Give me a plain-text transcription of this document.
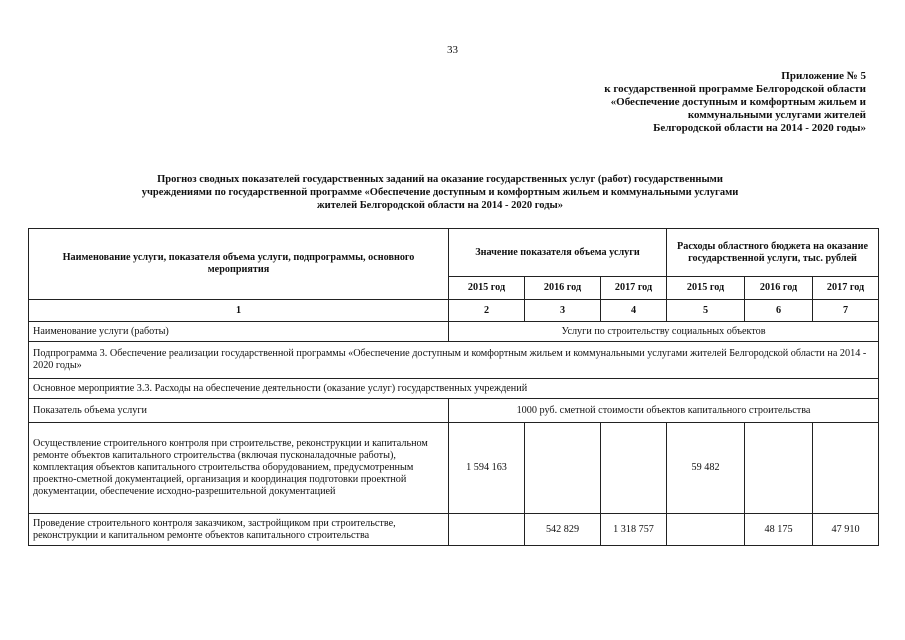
33
Приложение № 5
к государственной программе Белгородской области
«Обеспечение доступным и комфортным жильем и
коммунальными услугами жителей
Белгородской области на 2014 - 2020 годы»
Прогноз сводных показателей государственных заданий на оказание государственных услуг (работ) государственными
учреждениями по государственной программе «Обеспечение доступным и комфортным жильем и коммунальными услугами
жителей Белгородской области на 2014 - 2020 годы»
Наименование услуги, показателя объема услуги, подпрограммы, основного мероприятия	Значение показателя объема услуги			Расходы областного бюджета на оказание государственной услуги, тыс. рублей		
	2015 год	2016 год	2017 год	2015 год	2016 год	2017 год
1	2	3	4	5	6	7
Наименование услуги (работы)	Услуги по строительству социальных объектов					
Подпрограмма 3. Обеспечение реализации государственной программы «Обеспечение доступным и комфортным жильем и коммунальными услугами жителей Белгородской области на 2014 - 2020 годы»						
Основное мероприятие 3.3. Расходы на обеспечение деятельности (оказание услуг) государственных учреждений						
Показатель объема услуги	1000 руб. сметной стоимости объектов капитального строительства					
Осуществление строительного контроля при строительстве, реконструкции и капитальном ремонте объектов капитального строительства (включая пусконаладочные работы), комплектация объектов капитального строительства оборудованием, предусмотренным проектно-сметной документацией, организация и координация подготовки проектной документации, обеспечение исходно-разрешительной документацией	1 594 163			59 482		
Проведение строительного контроля заказчиком, застройщиком при строительстве, реконструкции и капитальном ремонте объектов капитального строительства		542 829	1 318 757		48 175	47 910
